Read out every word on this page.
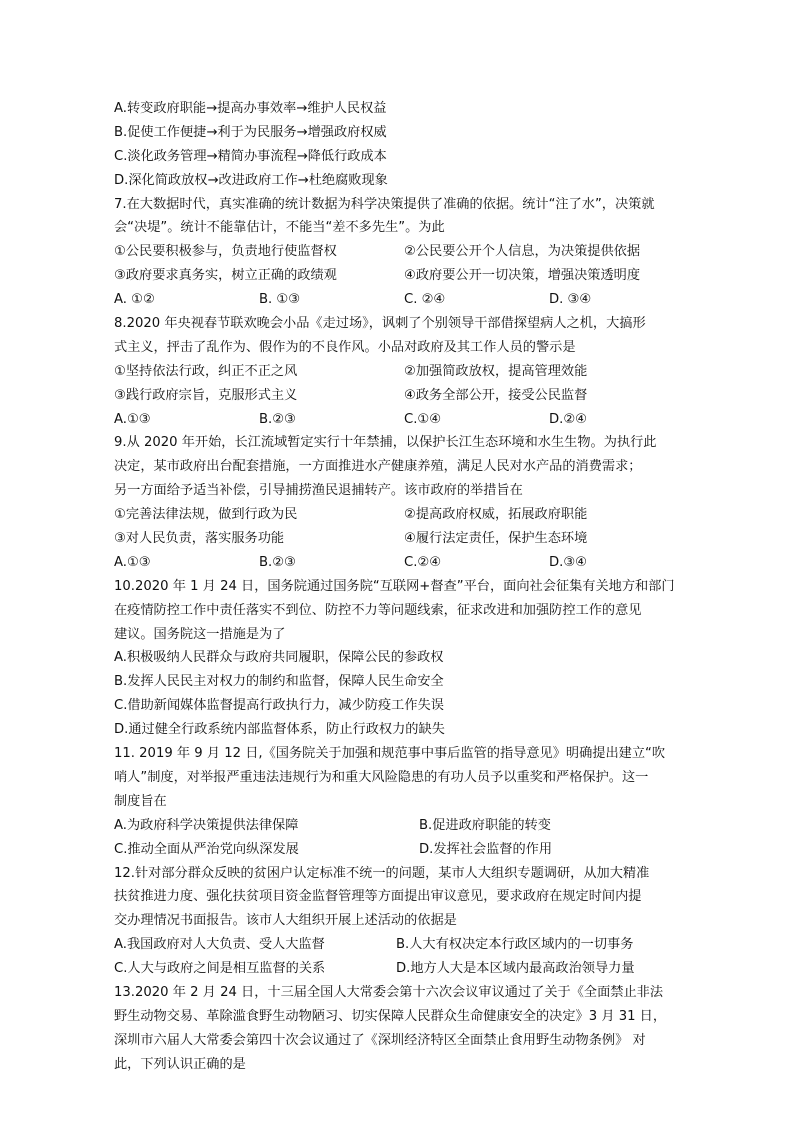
A.转变政府职能→提高办事效率→维护人民权益
B.促使工作便捷→利于为民服务→增强政府权威
C.淡化政务管理→精简办事流程→降低行政成本
D.深化简政放权→改进政府工作→杜绝腐败现象
7.在大数据时代，真实准确的统计数据为科学决策提供了准确的依据。统计“注了水”，决策就
会“决堤”。统计不能靠估计，不能当“差不多先生”。为此
①公民要积极参与，负责地行使监督权	②公民要公开个人信息，为决策提供依据
③政府要求真务实，树立正确的政绩观	④政府要公开一切决策，增强决策透明度
A. ①②	B. ①③	C. ②④	D. ③④
8.2020 年央视春节联欢晚会小品《走过场》，讽刺了个别领导干部借探望病人之机，大搞形
式主义，抨击了乱作为、假作为的不良作风。小品对政府及其工作人员的警示是
①坚持依法行政，纠正不正之风	②加强简政放权，提高管理效能
③践行政府宗旨，克服形式主义	④政务全部公开，接受公民监督
A.①③	B.②③	C.①④	D.②④
9.从 2020 年开始，长江流域暂定实行十年禁捕，以保护长江生态环境和水生生物。为执行此
决定，某市政府出台配套措施，一方面推进水产健康养殖，满足人民对水产品的消费需求；
另一方面给予适当补偿，引导捕捞渔民退捕转产。该市政府的举措旨在
①完善法律法规，做到行政为民	②提高政府权威，拓展政府职能
③对人民负责，落实服务功能	④履行法定责任，保护生态环境
A.①③	B.②③	C.②④	D.③④
10.2020 年 1 月 24 日，国务院通过国务院“互联网+督查”平台，面向社会征集有关地方和部门
在疫情防控工作中责任落实不到位、防控不力等问题线索，征求改进和加强防控工作的意见
建议。国务院这一措施是为了
A.积极吸纳人民群众与政府共同履职，保障公民的参政权
B.发挥人民民主对权力的制约和监督，保障人民生命安全
C.借助新闻媒体监督提高行政执行力，减少防疫工作失误
D.通过健全行政系统内部监督体系，防止行政权力的缺失
11. 2019 年 9 月 12 日,《国务院关于加强和规范事中事后监管的指导意见》明确提出建立“吹
哨人”制度，对举报严重违法违规行为和重大风险隐患的有功人员予以重奖和严格保护。这一
制度旨在
A.为政府科学决策提供法律保障	B.促进政府职能的转变
C.推动全面从严治党向纵深发展	D.发挥社会监督的作用
12.针对部分群众反映的贫困户认定标准不统一的问题，某市人大组织专题调研，从加大精准
扶贫推进力度、强化扶贫项目资金监督管理等方面提出审议意见，要求政府在规定时间内提
交办理情况书面报告。该市人大组织开展上述活动的依据是
A.我国政府对人大负责、受人大监督	B.人大有权决定本行政区域内的一切事务
C.人大与政府之间是相互监督的关系	D.地方人大是本区域内最高政治领导力量
13.2020 年 2 月 24 日，十三届全国人大常委会第十六次会议审议通过了关于《全面禁止非法
野生动物交易、革除滥食野生动物陋习、切实保障人民群众生命健康安全的决定》3 月 31 日，
深圳市六届人大常委会第四十次会议通过了《深圳经济特区全面禁止食用野生动物条例》 对
此，下列认识正确的是
